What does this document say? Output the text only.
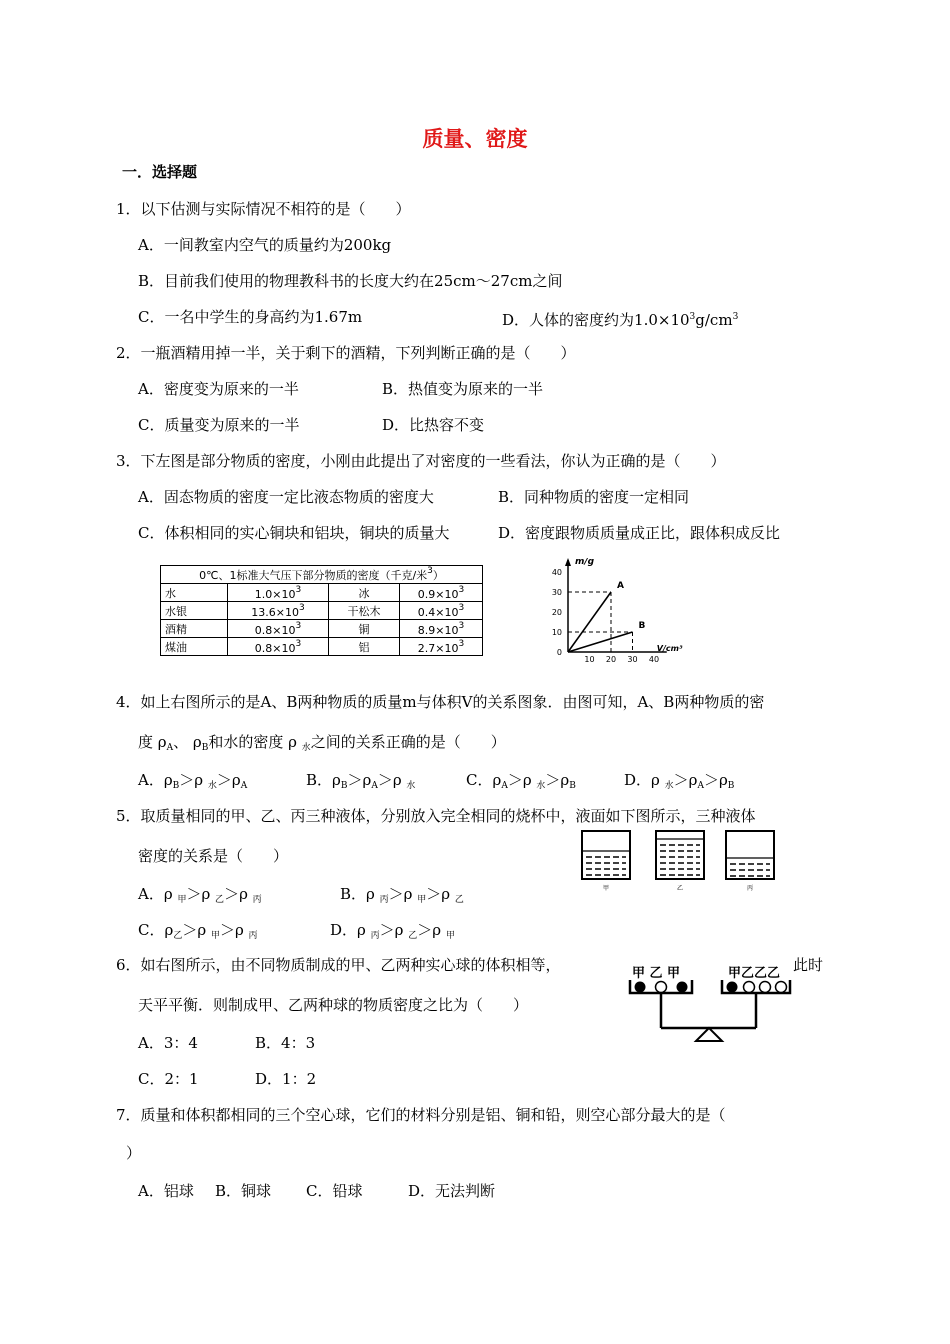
质量、密度
一．选择题
1．以下估测与实际情况不相符的是（　　）
A．一间教室内空气的质量约为200kg
B．目前我们使用的物理教科书的长度大约在25cm～27cm之间
C．一名中学生的身高约为1.67m	D．人体的密度约为$1.0\times 10^3g/cm^3$
2．一瓶酒精用掉一半，关于剩下的酒精，下列判断正确的是（　　）
A．密度变为原来的一半	B．热值变为原来的一半
C．质量变为原来的一半	D．比热容不变
3．下左图是部分物质的密度，小刚由此提出了对密度的一些看法，你认为正确的是（　　）
A．固态物质的密度一定比液态物质的密度大	B．同种物质的密度一定相同
C．体积相同的实心铜块和铝块，铜块的质量大	D．密度跟物质质量成正比，跟体积成反比
0℃、1标准大气压下部分物质的密度（千克/米$^3$）			
水	$1.0\times 10^3$	冰	$0.9\times 10^3$
水银	$13.6\times 10^3$	干松木	$0.4\times 10^3$
酒精	$0.8\times 10^3$	铜	$8.9\times 10^3$
煤油	$0.8\times 10^3$	铝	$2.7\times 10^3$
0
10
20
30
40
10 20 30 40
m/g
V/cm³
A
B
4．如上右图所示的是A、B两种物质的质量m与体积V的关系图象．由图可知，A、B两种物质的密
度 $\rho_A$、 $\rho_B$和水的密度 ρ $_水$之间的关系正确的是（　　）
A．$\rho_B>\rho$ $_水>\rho_A$	B．$\rho_B>\rho_A>\rho$ $_水$	C．$\rho_A>\rho$ $_水>\rho_B$	D．ρ $_水>\rho_A>\rho_B$
5．取质量相同的甲、乙、丙三种液体，分别放入完全相同的烧杯中，液面如下图所示，三种液体
密度的关系是（　　）
A．ρ $_甲$＞ρ $_乙$＞ρ $_丙$	B．ρ $_丙$＞ρ $_甲$＞ρ $_乙$
C．$\rho_乙>\rho$ $_甲$＞ρ $_丙$	D．ρ $_丙$＞ρ $_乙$＞ρ $_甲$
甲	乙	丙
6．如右图所示，由不同物质制成的甲、乙两种实心球的体积相等，	此时
天平平衡．则制成甲、乙两种球的物质密度之比为（　　）
A．3：4	B．4：3
C．2：1	D．1：2
甲 乙 甲	甲乙乙乙
7．质量和体积都相同的三个空心球，它们的材料分别是铝、铜和铅，则空心部分最大的是（
）
A．铝球 B．铜球 C．铅球	D．无法判断
